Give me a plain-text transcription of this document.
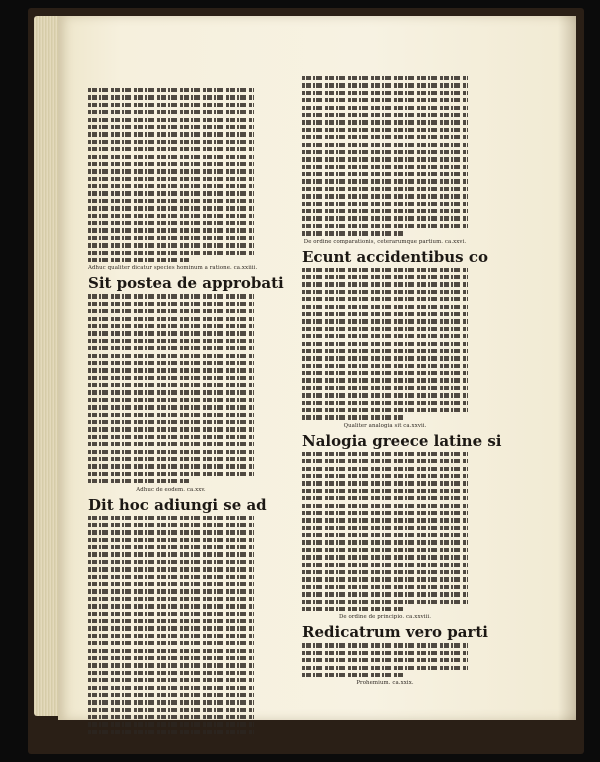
Adhuc qualiter dicatur species hominum a ratione. ca.xxiiii.
Sit postea de approbati
Adhuc de eodem. ca.xxv.
Dit hoc adiungi se ad
De ordine comparationis, ceterarumque partium. ca.xxvi.
Ecunt accidentibus co
Qualiter analogia sit ca.xxvii.
Nalogia greece latine si
De ordine de principio. ca.xxviii.
Redicatrum vero parti
Prohemium. ca.xxix.
